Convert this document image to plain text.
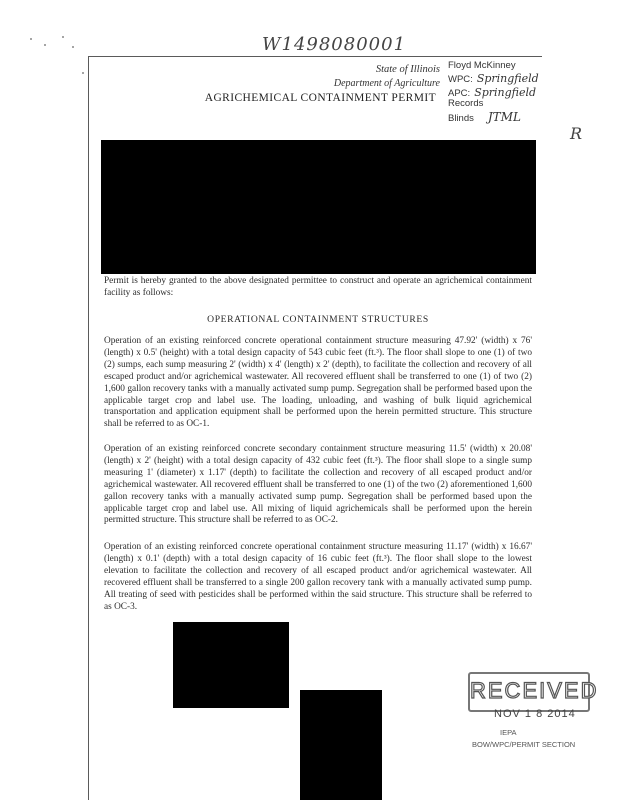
W1498080001
State of Illinois
Department of Agriculture
AGRICHEMICAL CONTAINMENT PERMIT
Floyd McKinney
WPC: Springfield
APC: Springfield
Records
Blinds JTML
R
Permit is hereby granted to the above designated permittee to construct and operate an agrichemical containment facility as follows:
OPERATIONAL CONTAINMENT STRUCTURES
Operation of an existing reinforced concrete operational containment structure measuring 47.92' (width) x 76' (length) x 0.5' (height) with a total design capacity of 543 cubic feet (ft.³). The floor shall slope to one (1) of two (2) sumps, each sump measuring 2' (width) x 4' (length) x 2' (depth), to facilitate the collection and recovery of all escaped product and/or agrichemical wastewater. All recovered effluent shall be transferred to one (1) of two (2) 1,600 gallon recovery tanks with a manually activated sump pump. Segregation shall be performed based upon the applicable target crop and label use. The loading, unloading, and washing of bulk liquid agrichemical transportation and application equipment shall be performed upon the herein permitted structure. This structure shall be referred to as OC-1.
Operation of an existing reinforced concrete secondary containment structure measuring 11.5' (width) x 20.08' (length) x 2' (height) with a total design capacity of 432 cubic feet (ft.³). The floor shall slope to a single sump measuring 1' (diameter) x 1.17' (depth) to facilitate the collection and recovery of all escaped product and/or agrichemical wastewater. All recovered effluent shall be transferred to one (1) of the two (2) aforementioned 1,600 gallon recovery tanks with a manually activated sump pump. Segregation shall be performed based upon the applicable target crop and label use. All mixing of liquid agrichemicals shall be performed upon the herein permitted structure. This structure shall be referred to as OC-2.
Operation of an existing reinforced concrete operational containment structure measuring 11.17' (width) x 16.67' (length) x 0.1' (depth) with a total design capacity of 16 cubic feet (ft.³). The floor shall slope to the lowest elevation to facilitate the collection and recovery of all escaped product and/or agrichemical wastewater. All recovered effluent shall be transferred to a single 200 gallon recovery tank with a manually activated sump pump. All treating of seed with pesticides shall be performed within the said structure. This structure shall be referred to as OC-3.
RECEIVED
NOV 1 8 2014
IEPA
BOW/WPC/PERMIT SECTION
